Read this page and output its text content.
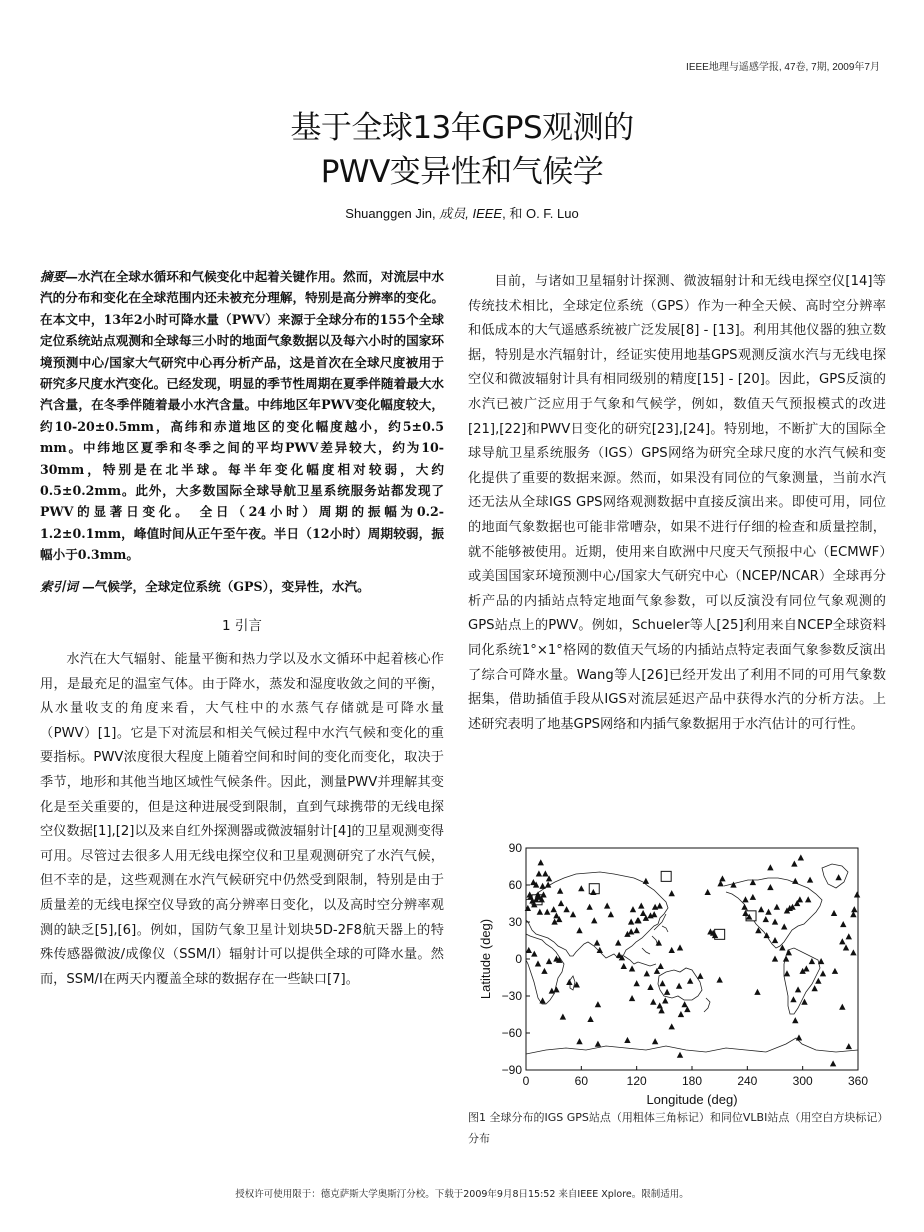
IEEE地理与遥感学报, 47卷, 7期, 2009年7月
基于全球13年GPS观测的
PWV变异性和气候学
Shuanggen Jin, 成员, IEEE, 和 O. F. Luo

摘要—水汽在全球水循环和气候变化中起着关键作用。然而，对流层中水汽的分布和变化在全球范围内还未被充分理解，特别是高分辨率的变化。在本文中，13年2小时可降水量（PWV）来源于全球分布的155个全球定位系统站点观测和全球每三小时的地面气象数据以及每六小时的国家环境预测中心/国家大气研究中心再分析产品，这是首次在全球尺度被用于研究多尺度水汽变化。已经发现，明显的季节性周期在夏季伴随着最大水汽含量，在冬季伴随着最小水汽含量。中纬地区年PWV变化幅度较大，约10-20±0.5mm，高纬和赤道地区的变化幅度越小，约5±0.5 mm。中纬地区夏季和冬季之间的平均PWV差异较大，约为10-30mm，特别是在北半球。每半年变化幅度相对较弱，大约0.5±0.2mm。此外，大多数国际全球导航卫星系统服务站都发现了PWV的显著日变化。 全日（24小时）周期的振幅为0.2-1.2±0.1mm，峰值时间从正午至午夜。半日（12小时）周期较弱，振幅小于0.3mm。

索引词 —气候学，全球定位系统（GPS），变异性，水汽。

1 引言

水汽在大气辐射、能量平衡和热力学以及水文循环中起着核心作用，是最充足的温室气体。由于降水，蒸发和湿度收敛之间的平衡，从水量收支的角度来看，大气柱中的水蒸气存储就是可降水量（PWV）[1]。它是下对流层和相关气候过程中水汽气候和变化的重要指标。PWV浓度很大程度上随着空间和时间的变化而变化，取决于季节，地形和其他当地区域性气候条件。因此，测量PWV并理解其变化是至关重要的，但是这种进展受到限制，直到气球携带的无线电探空仪数据[1],[2]以及来自红外探测器或微波辐射计[4]的卫星观测变得可用。尽管过去很多人用无线电探空仪和卫星观测研究了水汽气候，但不幸的是，这些观测在水汽气候研究中仍然受到限制，特别是由于质量差的无线电探空仪导致的高分辨率日变化，以及高时空分辨率观测的缺乏[5],[6]。例如，国防气象卫星计划块5D-2F8航天器上的特殊传感器微波/成像仪（SSM/I）辐射计可以提供全球的可降水量。然而，SSM/I在两天内覆盖全球的数据存在一些缺口[7]。

目前，与诸如卫星辐射计探测、微波辐射计和无线电探空仪[14]等传统技术相比，全球定位系统（GPS）作为一种全天候、高时空分辨率和低成本的大气遥感系统被广泛发展[8] - [13]。利用其他仪器的独立数据，特别是水汽辐射计，经证实使用地基GPS观测反演水汽与无线电探空仪和微波辐射计具有相同级别的精度[15] - [20]。因此，GPS反演的水汽已被广泛应用于气象和气候学，例如，数值天气预报模式的改进[21],[22]和PWV日变化的研究[23],[24]。特别地，不断扩大的国际全球导航卫星系统服务（IGS）GPS网络为研究全球尺度的水汽气候和变化提供了重要的数据来源。然而，如果没有同位的气象测量，当前水汽还无法从全球IGS GPS网络观测数据中直接反演出来。即使可用，同位的地面气象数据也可能非常嘈杂，如果不进行仔细的检查和质量控制，就不能够被使用。近期，使用来自欧洲中尺度天气预报中心（ECMWF）或美国国家环境预测中心/国家大气研究中心（NCEP/NCAR）全球再分析产品的内插站点特定地面气象参数，可以反演没有同位气象观测的GPS站点上的PWV。例如，Schueler等人[25]利用来自NCEP全球资料同化系统1°×1°格网的数值天气场的内插站点特定表面气象参数反演出了综合可降水量。Wang等人[26]已经开发出了利用不同的可用气象数据集，借助插值手段从IGS对流层延迟产品中获得水汽的分析方法。上述研究表明了地基GPS网络和内插气象数据用于水汽估计的可行性。

0	60	120	180	240	300	360
90
60
30
0
−30
−60
−90
Longitude (deg)
Latitude (deg)
图1 全球分布的IGS GPS站点（用粗体三角标记）和同位VLBI站点（用空白方块标记）分布
授权许可使用限于：德克萨斯大学奥斯汀分校。下载于2009年9月8日15:52 来自IEEE Xplore。限制适用。
